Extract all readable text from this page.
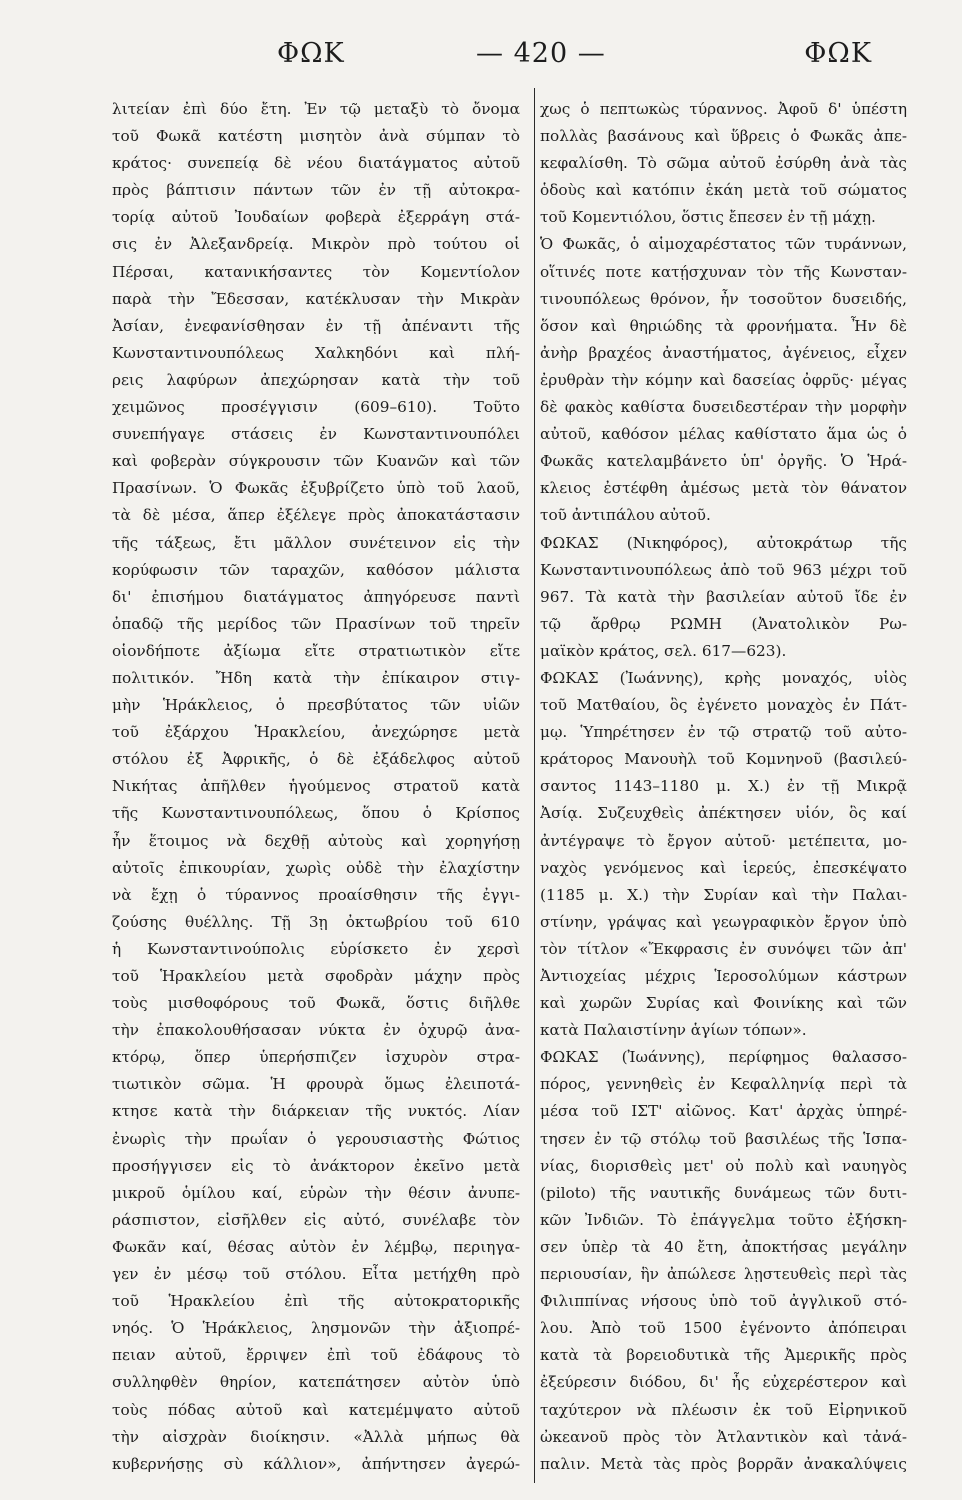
ΦΩΚ	— 420 —	ΦΩΚ
λιτείαν ἐπὶ δύο ἔτη. Ἐν τῷ μεταξὺ τὸ ὄνομα
τοῦ Φωκᾶ κατέστη μισητὸν ἀνὰ σύμπαν τὸ
κράτος· συνεπείᾳ δὲ νέου διατάγματος αὐτοῦ
πρὸς βάπτισιν πάντων τῶν ἐν τῇ αὐτοκρα-
τορίᾳ αὐτοῦ Ἰουδαίων φοβερὰ ἐξερράγη στά-
σις ἐν Ἀλεξανδρείᾳ. Μικρὸν πρὸ τούτου οἱ
Πέρσαι, κατανικήσαντες τὸν Κομεντίολον
παρὰ τὴν Ἔδεσσαν, κατέκλυσαν τὴν Μικρὰν
Ἀσίαν, ἐνεφανίσθησαν ἐν τῇ ἀπέναντι τῆς
Κωνσταντινουπόλεως Χαλκηδόνι καὶ πλή-
ρεις λαφύρων ἀπεχώρησαν κατὰ τὴν τοῦ
χειμῶνος προσέγγισιν (609–610). Τοῦτο
συνεπήγαγε στάσεις ἐν Κωνσταντινουπόλει
καὶ φοβερὰν σύγκρουσιν τῶν Κυανῶν καὶ τῶν
Πρασίνων. Ὁ Φωκᾶς ἐξυβρίζετο ὑπὸ τοῦ λαοῦ,
τὰ δὲ μέσα, ἅπερ ἐξέλεγε πρὸς ἀποκατάστασιν
τῆς τάξεως, ἔτι μᾶλλον συνέτεινον εἰς τὴν
κορύφωσιν τῶν ταραχῶν, καθόσον μάλιστα
δι' ἐπισήμου διατάγματος ἀπηγόρευσε παντὶ
ὀπαδῷ τῆς μερίδος τῶν Πρασίνων τοῦ τηρεῖν
οἱονδήποτε ἀξίωμα εἴτε στρατιωτικὸν εἴτε
πολιτικόν. Ἤδη κατὰ τὴν ἐπίκαιρον στιγ-
μὴν Ἡράκλειος, ὁ πρεσβύτατος τῶν υἱῶν
τοῦ ἐξάρχου Ἡρακλείου, ἀνεχώρησε μετὰ
στόλου ἐξ Ἀφρικῆς, ὁ δὲ ἐξάδελφος αὐτοῦ
Νικήτας ἀπῆλθεν ἡγούμενος στρατοῦ κατὰ
τῆς Κωνσταντινουπόλεως, ὅπου ὁ Κρίσπος
ἦν ἕτοιμος νὰ δεχθῇ αὐτοὺς καὶ χορηγήσῃ
αὐτοῖς ἐπικουρίαν, χωρὶς οὐδὲ τὴν ἐλαχίστην
νὰ ἔχῃ ὁ τύραννος προαίσθησιν τῆς ἐγγι-
ζούσης θυέλλης. Τῇ 3ῃ ὀκτωβρίου τοῦ 610
ἡ Κωνσταντινούπολις εὑρίσκετο ἐν χερσὶ
τοῦ Ἡρακλείου μετὰ σφοδρὰν μάχην πρὸς
τοὺς μισθοφόρους τοῦ Φωκᾶ, ὅστις διῆλθε
τὴν ἐπακολουθήσασαν νύκτα ἐν ὀχυρῷ ἀνα-
κτόρῳ, ὅπερ ὑπερήσπιζεν ἰσχυρὸν στρα-
τιωτικὸν σῶμα. Ἡ φρουρὰ ὅμως ἐλειποτά-
κτησε κατὰ τὴν διάρκειαν τῆς νυκτός. Λίαν
ἐνωρὶς τὴν πρωΐαν ὁ γερουσιαστὴς Φώτιος
προσήγγισεν εἰς τὸ ἀνάκτορον ἐκεῖνο μετὰ
μικροῦ ὁμίλου καί, εὑρὼν τὴν θέσιν ἀνυπε-
ράσπιστον, εἰσῆλθεν εἰς αὐτό, συνέλαβε τὸν
Φωκᾶν καί, θέσας αὐτὸν ἐν λέμβῳ, περιηγα-
γεν ἐν μέσῳ τοῦ στόλου. Εἶτα μετήχθη πρὸ
τοῦ Ἡρακλείου ἐπὶ τῆς αὐτοκρατορικῆς
νηός. Ὁ Ἡράκλειος, λησμονῶν τὴν ἀξιοπρέ-
πειαν αὐτοῦ, ἔρριψεν ἐπὶ τοῦ ἐδάφους τὸ
συλληφθὲν θηρίον, κατεπάτησεν αὐτὸν ὑπὸ
τοὺς πόδας αὐτοῦ καὶ κατεμέμψατο αὐτοῦ
τὴν αἰσχρὰν διοίκησιν. «Ἀλλὰ μήπως θὰ
κυβερνήσῃς σὺ κάλλιον», ἀπήντησεν ἀγερώ-
χως ὁ πεπτωκὼς τύραννος. Ἀφοῦ δ' ὑπέστη
πολλὰς βασάνους καὶ ὕβρεις ὁ Φωκᾶς ἀπε-
κεφαλίσθη. Τὸ σῶμα αὐτοῦ ἐσύρθη ἀνὰ τὰς
ὁδοὺς καὶ κατόπιν ἐκάη μετὰ τοῦ σώματος
τοῦ Κομεντιόλου, ὅστις ἔπεσεν ἐν τῇ μάχῃ.
Ὁ Φωκᾶς, ὁ αἱμοχαρέστατος τῶν τυράννων,
οἵτινές ποτε κατῄσχυναν τὸν τῆς Κωνσταν-
τινουπόλεως θρόνον, ἦν τοσοῦτον δυσειδής,
ὅσον καὶ θηριώδης τὰ φρονήματα. Ἦν δὲ
ἀνὴρ βραχέος ἀναστήματος, ἀγένειος, εἶχεν
ἐρυθρὰν τὴν κόμην καὶ δασείας ὀφρῦς· μέγας
δὲ φακὸς καθίστα δυσειδεστέραν τὴν μορφὴν
αὐτοῦ, καθόσον μέλας καθίστατο ἅμα ὡς ὁ
Φωκᾶς κατελαμβάνετο ὑπ' ὀργῆς. Ὁ Ἡρά-
κλειος ἐστέφθη ἀμέσως μετὰ τὸν θάνατον
τοῦ ἀντιπάλου αὐτοῦ.
ΦΩΚΑΣ (Νικηφόρος), αὐτοκράτωρ τῆς
Κωνσταντινουπόλεως ἀπὸ τοῦ 963 μέχρι τοῦ
967. Τὰ κατὰ τὴν βασιλείαν αὐτοῦ ἴδε ἐν
τῷ ἄρθρῳ ΡΩΜΗ (Ἀνατολικὸν Ρω-
μαϊκὸν κράτος, σελ. 617—623).
ΦΩΚΑΣ (Ἰωάννης), κρὴς μοναχός, υἱὸς
τοῦ Ματθαίου, ὃς ἐγένετο μοναχὸς ἐν Πάτ-
μῳ. Ὑπηρέτησεν ἐν τῷ στρατῷ τοῦ αὐτο-
κράτορος Μανουὴλ τοῦ Κομνηνοῦ (βασιλεύ-
σαντος 1143–1180 μ. Χ.) ἐν τῇ Μικρᾷ
Ἀσίᾳ. Συζευχθεὶς ἀπέκτησεν υἱόν, ὃς καί
ἀντέγραψε τὸ ἔργον αὐτοῦ· μετέπειτα, μο-
ναχὸς γενόμενος καὶ ἱερεύς, ἐπεσκέψατο
(1185 μ. Χ.) τὴν Συρίαν καὶ τὴν Παλαι-
στίνην, γράψας καὶ γεωγραφικὸν ἔργον ὑπὸ
τὸν τίτλον «Ἔκφρασις ἐν συνόψει τῶν ἀπ'
Ἀντιοχείας μέχρις Ἱεροσολύμων κάστρων
καὶ χωρῶν Συρίας καὶ Φοινίκης καὶ τῶν
κατὰ Παλαιστίνην ἁγίων τόπων».
ΦΩΚΑΣ (Ἰωάννης), περίφημος θαλασσο-
πόρος, γεννηθεὶς ἐν Κεφαλληνίᾳ περὶ τὰ
μέσα τοῦ ΙΣΤ' αἰῶνος. Κατ' ἀρχὰς ὑπηρέ-
τησεν ἐν τῷ στόλῳ τοῦ βασιλέως τῆς Ἱσπα-
νίας, διορισθεὶς μετ' οὐ πολὺ καὶ ναυηγὸς
(piloto) τῆς ναυτικῆς δυνάμεως τῶν δυτι-
κῶν Ἰνδιῶν. Τὸ ἐπάγγελμα τοῦτο ἐξήσκη-
σεν ὑπὲρ τὰ 40 ἔτη, ἀποκτήσας μεγάλην
περιουσίαν, ἣν ἀπώλεσε λῃστευθεὶς περὶ τὰς
Φιλιππίνας νήσους ὑπὸ τοῦ ἀγγλικοῦ στό-
λου. Ἀπὸ τοῦ 1500 ἐγένοντο ἀπόπειραι
κατὰ τὰ βορειοδυτικὰ τῆς Ἀμερικῆς πρὸς
ἐξεύρεσιν διόδου, δι' ἧς εὐχερέστερον καὶ
ταχύτερον νὰ πλέωσιν ἐκ τοῦ Εἰρηνικοῦ
ὠκεανοῦ πρὸς τὸν Ἀτλαντικὸν καὶ τἀνά-
παλιν. Μετὰ τὰς πρὸς βορρᾶν ἀνακαλύψεις
